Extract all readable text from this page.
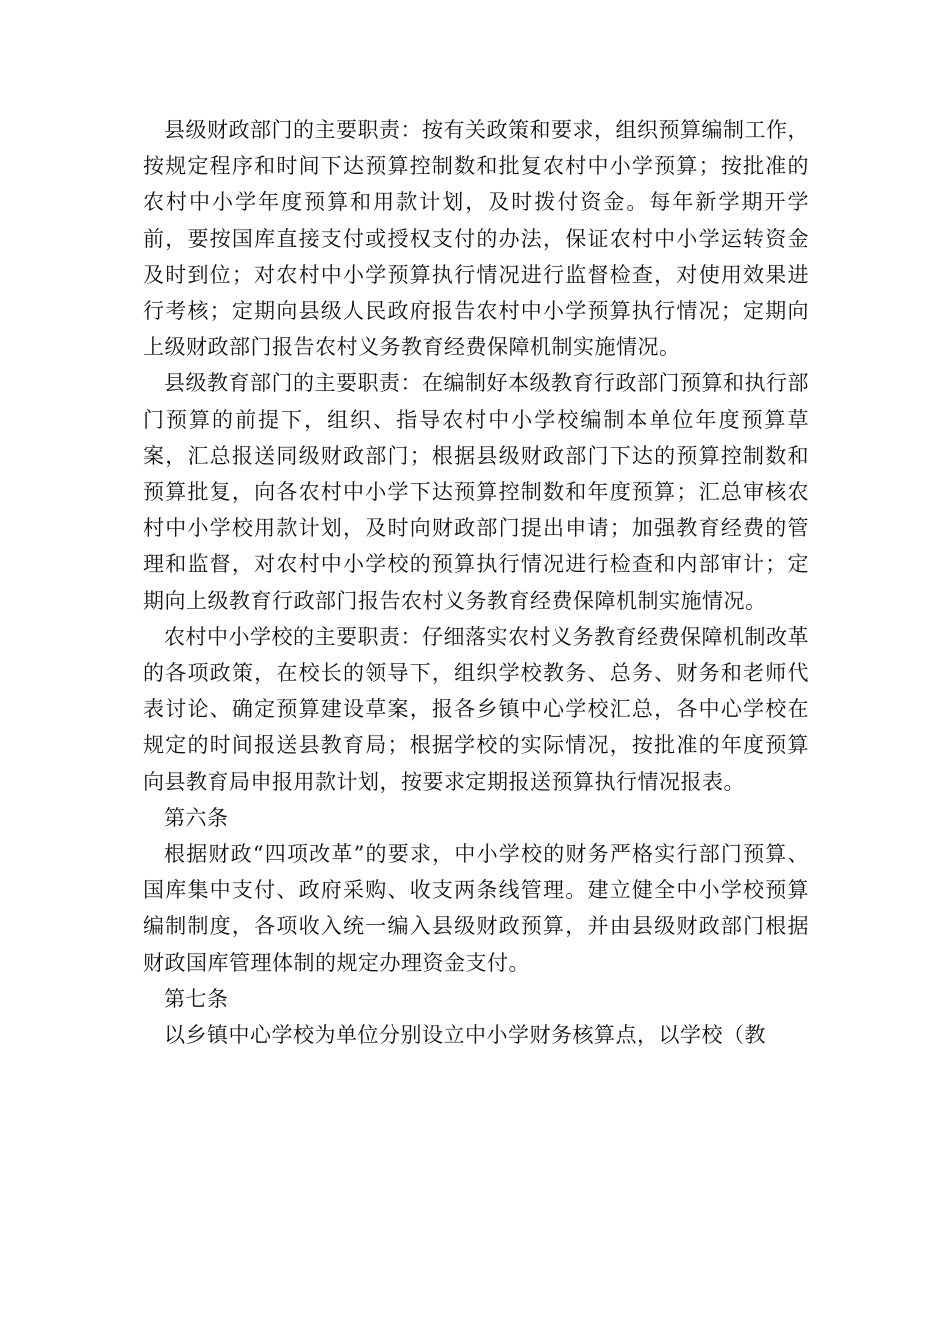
县级财政部门的主要职责：按有关政策和要求，组织预算编制工作，按规定程序和时间下达预算控制数和批复农村中小学预算；按批准的农村中小学年度预算和用款计划，及时拨付资金。每年新学期开学前，要按国库直接支付或授权支付的办法，保证农村中小学运转资金及时到位；对农村中小学预算执行情况进行监督检查，对使用效果进行考核；定期向县级人民政府报告农村中小学预算执行情况；定期向上级财政部门报告农村义务教育经费保障机制实施情况。

县级教育部门的主要职责：在编制好本级教育行政部门预算和执行部门预算的前提下，组织、指导农村中小学校编制本单位年度预算草案，汇总报送同级财政部门；根据县级财政部门下达的预算控制数和预算批复，向各农村中小学下达预算控制数和年度预算；汇总审核农村中小学校用款计划，及时向财政部门提出申请；加强教育经费的管理和监督，对农村中小学校的预算执行情况进行检查和内部审计；定期向上级教育行政部门报告农村义务教育经费保障机制实施情况。

农村中小学校的主要职责：仔细落实农村义务教育经费保障机制改革的各项政策，在校长的领导下，组织学校教务、总务、财务和老师代表讨论、确定预算建设草案，报各乡镇中心学校汇总，各中心学校在规定的时间报送县教育局；根据学校的实际情况，按批准的年度预算向县教育局申报用款计划，按要求定期报送预算执行情况报表。

第六条

根据财政“四项改革”的要求，中小学校的财务严格实行部门预算、国库集中支付、政府采购、收支两条线管理。建立健全中小学校预算编制制度，各项收入统一编入县级财政预算，并由县级财政部门根据财政国库管理体制的规定办理资金支付。

第七条

以乡镇中心学校为单位分别设立中小学财务核算点，以学校（教
